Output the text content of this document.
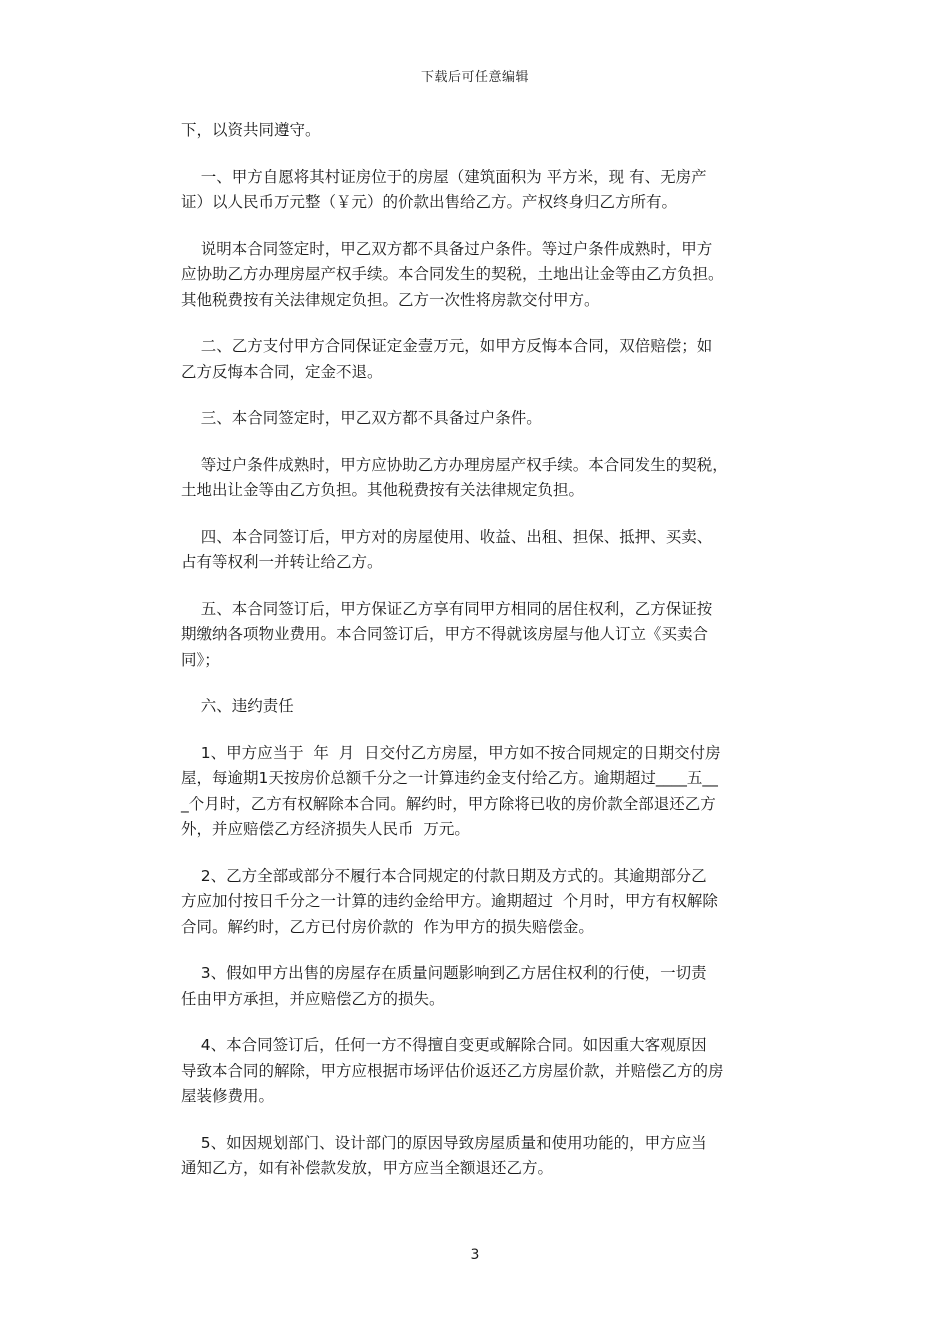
下载后可任意编辑
下，以资共同遵守。
一、甲方自愿将其村证房位于的房屋（建筑面积为 平方米，现 有、无房产
证）以人民币万元整（￥元）的价款出售给乙方。产权终身归乙方所有。
说明本合同签定时，甲乙双方都不具备过户条件。等过户条件成熟时，甲方
应协助乙方办理房屋产权手续。本合同发生的契税，土地出让金等由乙方负担。
其他税费按有关法律规定负担。乙方一次性将房款交付甲方。
二、乙方支付甲方合同保证定金壹万元，如甲方反悔本合同，双倍赔偿；如
乙方反悔本合同，定金不退。
三、本合同签定时，甲乙双方都不具备过户条件。
等过户条件成熟时，甲方应协助乙方办理房屋产权手续。本合同发生的契税，
土地出让金等由乙方负担。其他税费按有关法律规定负担。
四、本合同签订后，甲方对的房屋使用、收益、出租、担保、抵押、买卖、
占有等权利一并转让给乙方。
五、本合同签订后，甲方保证乙方享有同甲方相同的居住权利，乙方保证按
期缴纳各项物业费用。本合同签订后，甲方不得就该房屋与他人订立《买卖合
同》；
六、违约责任
1、甲方应当于  年  月  日交付乙方房屋，甲方如不按合同规定的日期交付房
屋，每逾期1天按房价总额千分之一计算违约金支付给乙方。逾期超过____五__
_个月时，乙方有权解除本合同。解约时，甲方除将已收的房价款全部退还乙方
外，并应赔偿乙方经济损失人民币  万元。
2、乙方全部或部分不履行本合同规定的付款日期及方式的。其逾期部分乙
方应加付按日千分之一计算的违约金给甲方。逾期超过  个月时，甲方有权解除
合同。解约时，乙方已付房价款的  作为甲方的损失赔偿金。
3、假如甲方出售的房屋存在质量问题影响到乙方居住权利的行使，一切责
任由甲方承担，并应赔偿乙方的损失。
4、本合同签订后，任何一方不得擅自变更或解除合同。如因重大客观原因
导致本合同的解除，甲方应根据市场评估价返还乙方房屋价款，并赔偿乙方的房
屋装修费用。
5、如因规划部门、设计部门的原因导致房屋质量和使用功能的，甲方应当
通知乙方，如有补偿款发放，甲方应当全额退还乙方。
3
